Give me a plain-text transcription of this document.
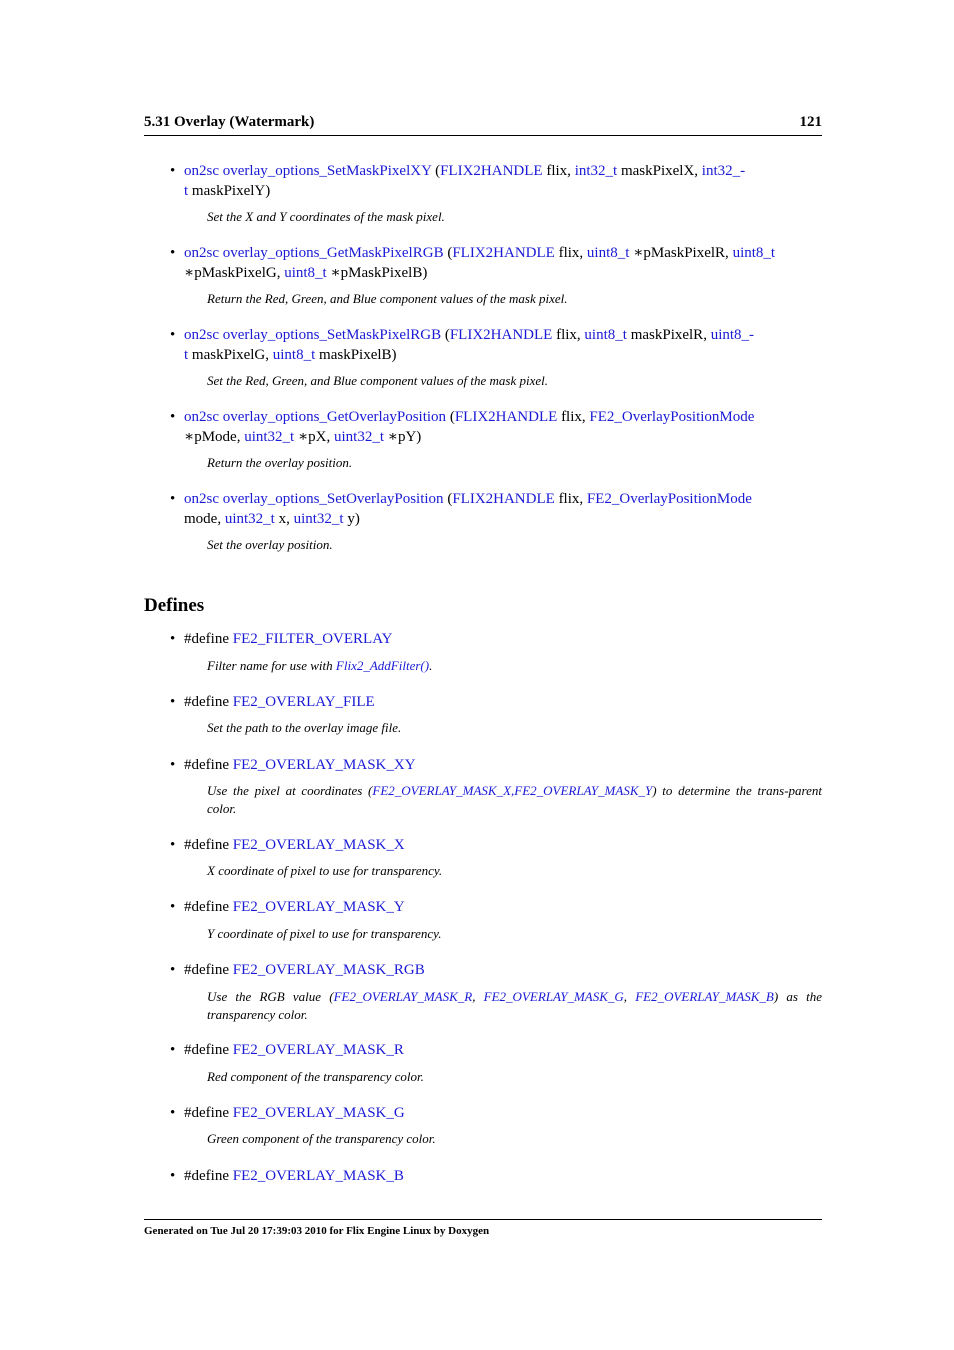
5.31 Overlay (Watermark)	121
• on2sc overlay_options_SetMaskPixelXY (FLIX2HANDLE flix, int32_t maskPixelX, int32_-
t maskPixelY)
Set the X and Y coordinates of the mask pixel.
• on2sc overlay_options_GetMaskPixelRGB (FLIX2HANDLE flix, uint8_t ∗pMaskPixelR, uint8_t
∗pMaskPixelG, uint8_t ∗pMaskPixelB)
Return the Red, Green, and Blue component values of the mask pixel.
• on2sc overlay_options_SetMaskPixelRGB (FLIX2HANDLE flix, uint8_t maskPixelR, uint8_-
t maskPixelG, uint8_t maskPixelB)
Set the Red, Green, and Blue component values of the mask pixel.
• on2sc overlay_options_GetOverlayPosition (FLIX2HANDLE flix, FE2_OverlayPositionMode
∗pMode, uint32_t ∗pX, uint32_t ∗pY)
Return the overlay position.
• on2sc overlay_options_SetOverlayPosition (FLIX2HANDLE flix, FE2_OverlayPositionMode
mode, uint32_t x, uint32_t y)
Set the overlay position.
Defines
• #define FE2_FILTER_OVERLAY
Filter name for use with Flix2_AddFilter().
• #define FE2_OVERLAY_FILE
Set the path to the overlay image file.
• #define FE2_OVERLAY_MASK_XY
Use the pixel at coordinates (FE2_OVERLAY_MASK_X,FE2_OVERLAY_MASK_Y) to determine the trans-parent color.
• #define FE2_OVERLAY_MASK_X
X coordinate of pixel to use for transparency.
• #define FE2_OVERLAY_MASK_Y
Y coordinate of pixel to use for transparency.
• #define FE2_OVERLAY_MASK_RGB
Use the RGB value (FE2_OVERLAY_MASK_R, FE2_OVERLAY_MASK_G, FE2_OVERLAY_MASK_B) as the transparency color.
• #define FE2_OVERLAY_MASK_R
Red component of the transparency color.
• #define FE2_OVERLAY_MASK_G
Green component of the transparency color.
• #define FE2_OVERLAY_MASK_B
Generated on Tue Jul 20 17:39:03 2010 for Flix Engine Linux by Doxygen
